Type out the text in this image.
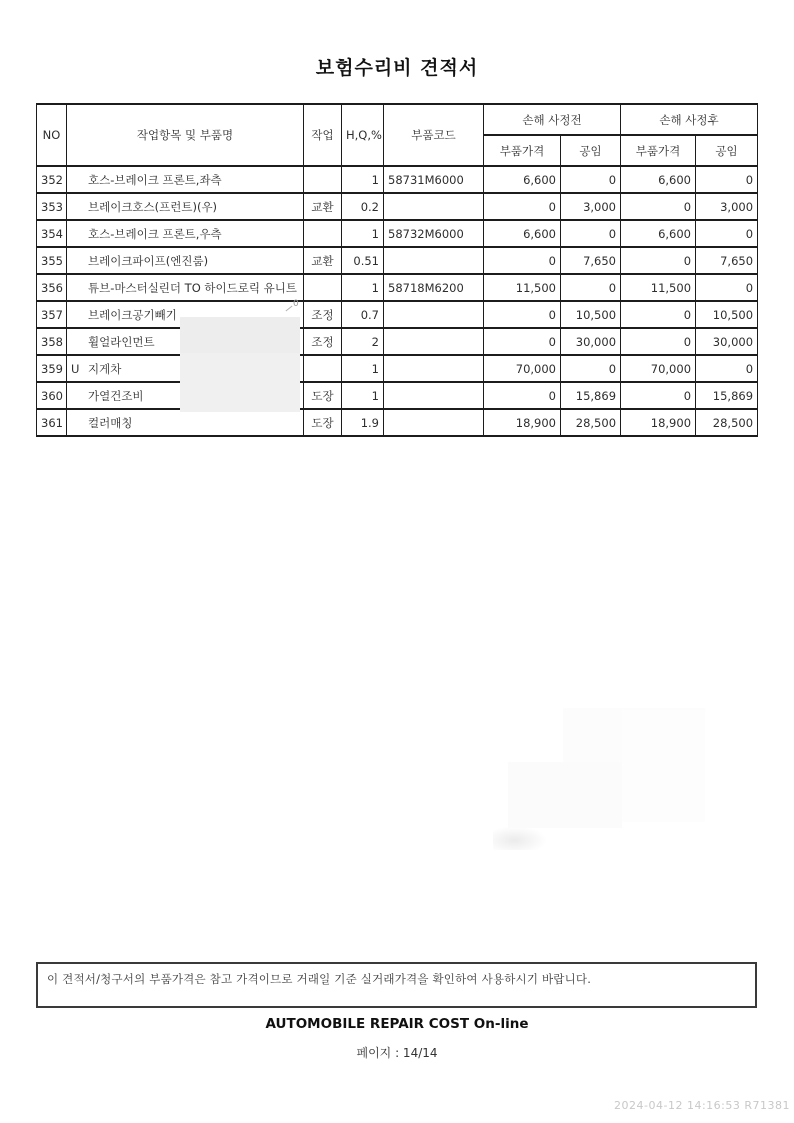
보험수리비 견적서
NO	작업항목 및 부품명	작업	H,Q,%	부품코드	손해 사정전		손해 사정후	
					부품가격	공임	부품가격	공임
352	호스-브레이크 프론트,좌측		1	58731M6000	6,600	0	6,600	0
353	브레이크호스(프런트)(우)	교환	0.2		0	3,000	0	3,000
354	호스-브레이크 프론트,우측		1	58732M6000	6,600	0	6,600	0
355	브레이크파이프(엔진룸)	교환	0.51		0	7,650	0	7,650
356	튜브-마스터실린더 TO 하이드로릭 유니트		1	58718M6200	11,500	0	11,500	0
357	브레이크공기빼기	조정	0.7		0	10,500	0	10,500
358	휠얼라인먼트	조정	2		0	30,000	0	30,000
359	U 지게차		1		70,000	0	70,000	0
360	가열건조비	도장	1		0	15,869	0	15,869
361	컬러매칭	도장	1.9		18,900	28,500	18,900	28,500
0
이 견적서/청구서의 부품가격은 참고 가격이므로 거래일 기준 실거래가격을 확인하여 사용하시기 바랍니다.
AUTOMOBILE REPAIR COST On-line
페이지 : 14/14
2024-04-12 14:16:53 R71381
